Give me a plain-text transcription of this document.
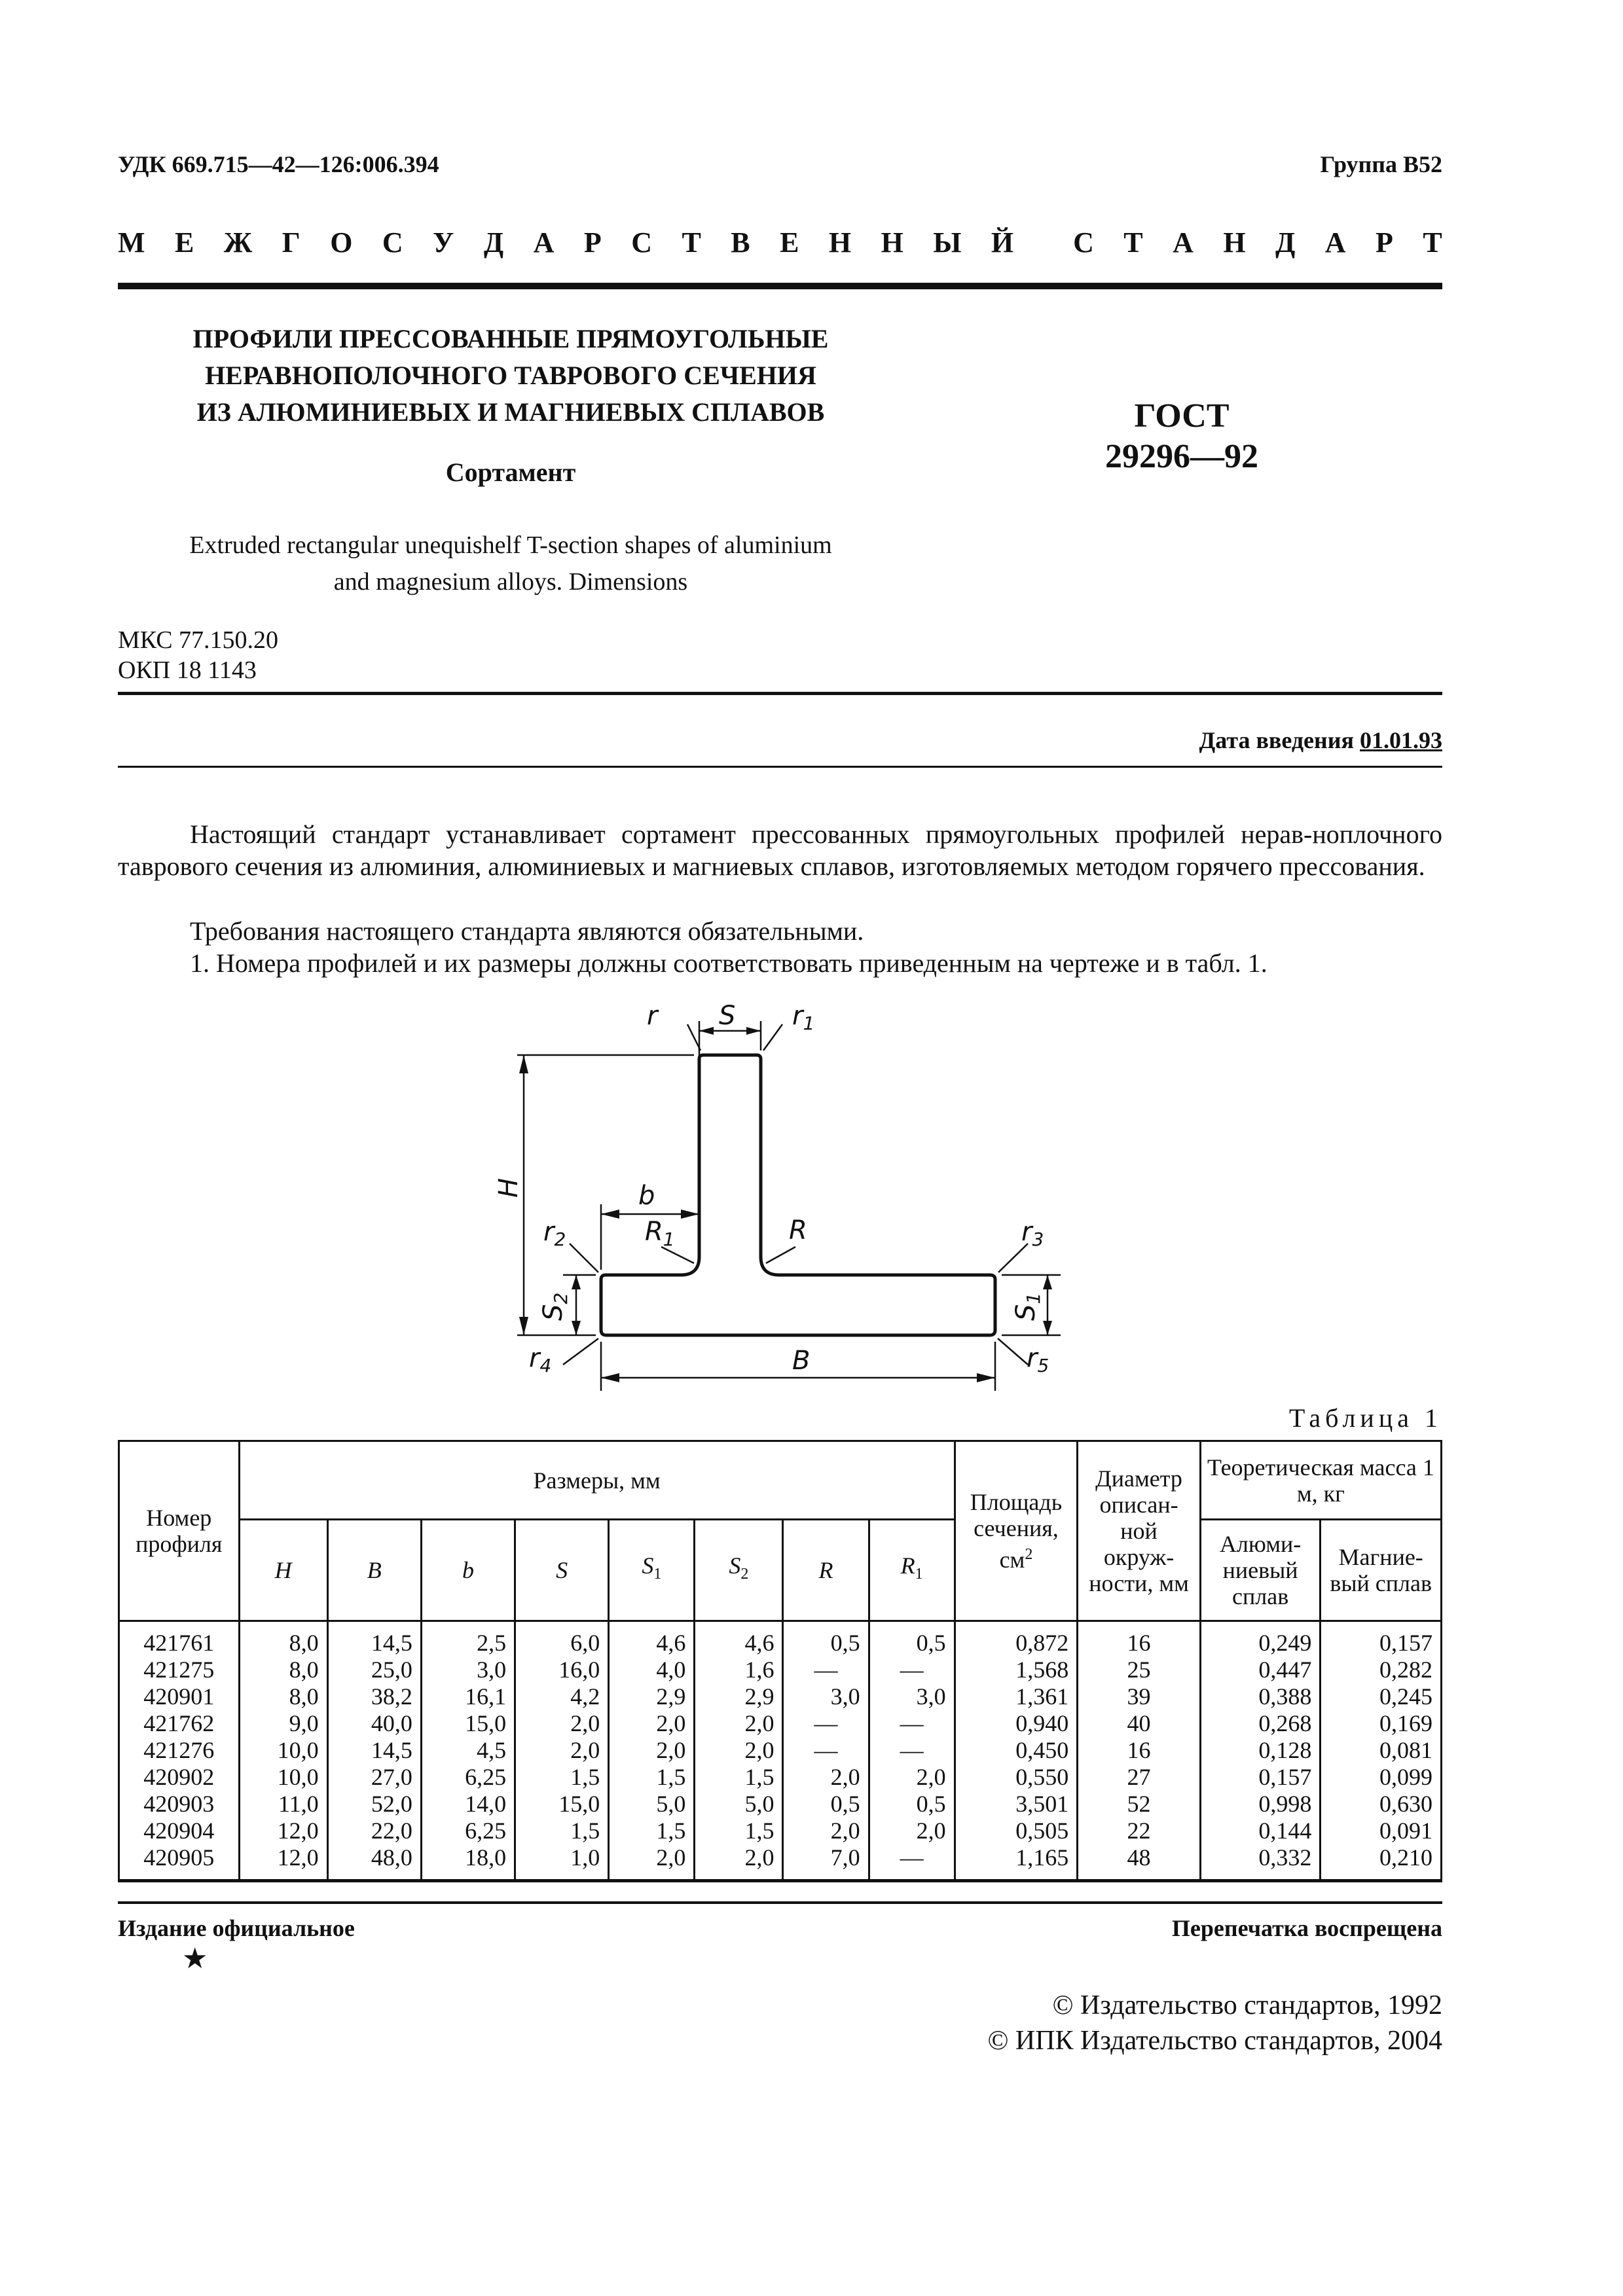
УДК 669.715—42—126:006.394	Группа В52
М Е Ж Г О С У Д А Р С Т В Е Н Н Ы Й С Т А Н Д А Р Т
ПРОФИЛИ ПРЕССОВАННЫЕ ПРЯМОУГОЛЬНЫЕ
НЕРАВНОПОЛОЧНОГО ТАВРОВОГО СЕЧЕНИЯ
ИЗ АЛЮМИНИЕВЫХ И МАГНИЕВЫХ СПЛАВОВ
Сортамент
ГОСТ
29296—92
Extruded rectangular unequishelf T-section shapes of aluminium
and magnesium alloys. Dimensions
МКС 77.150.20
ОКП 18 1143
Дата введения 01.01.93
Настоящий стандарт устанавливает сортамент прессованных прямоугольных профилей нерав-ноплочного таврового сечения из алюминия, алюминиевых и магниевых сплавов, изготовляемых методом горячего прессования.
Требования настоящего стандарта являются обязательными.
1. Номера профилей и их размеры должны соответствовать приведенным на чертеже и в табл. 1.
r S $r_1$
H	b
$r_2$	$R_1$	R	$r_3$
$S_2$
$S_1$
B
$r_4$	$r_5$
Таблица 1
Номер профиля	Размеры, мм								Площадь сечения, $см^2$	Диаметр описан-ной окруж-ности, мм	Теоретическая масса 1 м, кг	
	H	B	b	S	$S_1$	$S_2$	R	$R_1$			Алюми-ниевый сплав	Магние-вый сплав
421761	8,0	14,5	2,5	6,0	4,6	4,6	0,5	0,5	0,872	16	0,249	0,157
421275	8,0	25,0	3,0	16,0	4,0	1,6	—	—	1,568	25	0,447	0,282
420901	8,0	38,2	16,1	4,2	2,9	2,9	3,0	3,0	1,361	39	0,388	0,245
421762	9,0	40,0	15,0	2,0	2,0	2,0	—	—	0,940	40	0,268	0,169
421276	10,0	14,5	4,5	2,0	2,0	2,0	—	—	0,450	16	0,128	0,081
420902	10,0	27,0	6,25	1,5	1,5	1,5	2,0	2,0	0,550	27	0,157	0,099
420903	11,0	52,0	14,0	15,0	5,0	5,0	0,5	0,5	3,501	52	0,998	0,630
420904	12,0	22,0	6,25	1,5	1,5	1,5	2,0	2,0	0,505	22	0,144	0,091
420905	12,0	48,0	18,0	1,0	2,0	2,0	7,0	—	1,165	48	0,332	0,210
Издание официальное	Перепечатка воспрещена
★
© Издательство стандартов, 1992
© ИПК Издательство стандартов, 2004
